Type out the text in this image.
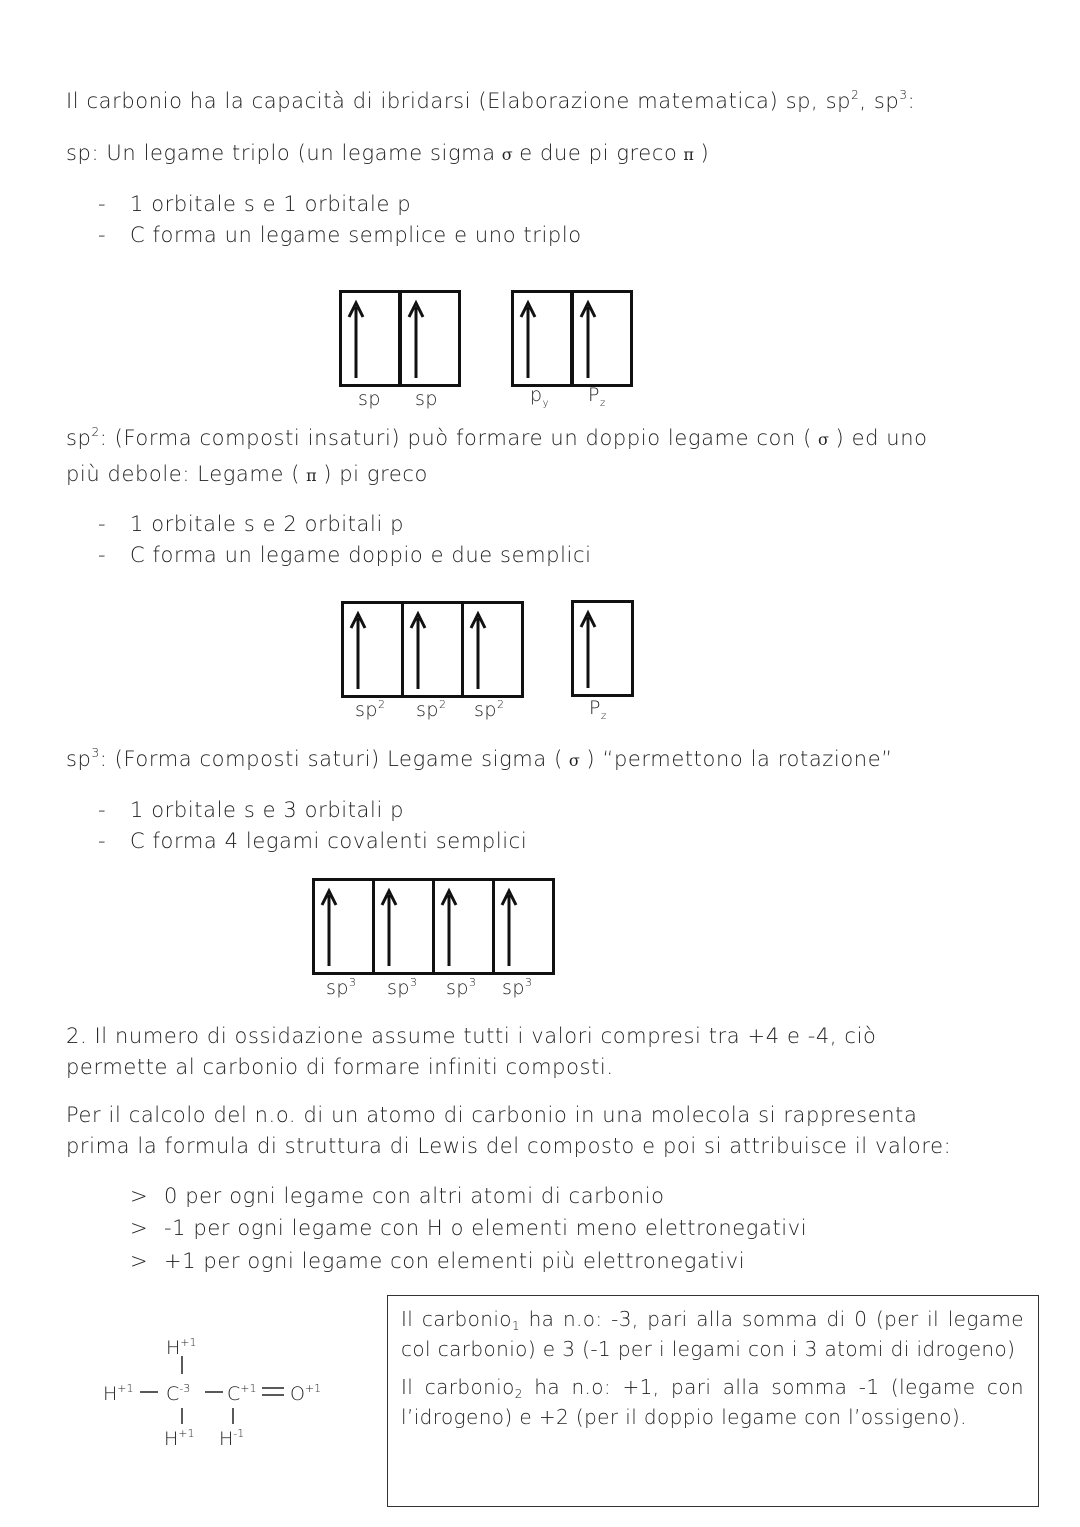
Il carbonio ha la capacità di ibridarsi (Elaborazione matematica) sp, $sp^2$, $sp^3$:
sp: Un legame triplo (un legame sigma σ e due pi greco π )
- 1 orbitale s e 1 orbitale p
- C forma un legame semplice e uno triplo
sp sp	$p_y$ $P_z$
$sp^2$: (Forma composti insaturi) può formare un doppio legame con ( σ ) ed uno
più debole: Legame ( π ) pi greco
- 1 orbitale s e 2 orbitali p
- C forma un legame doppio e due semplici
$sp^2$ $sp^2$ $sp^2$	$P_z$
$sp^3$: (Forma composti saturi) Legame sigma ( σ ) “permettono la rotazione”
- 1 orbitale s e 3 orbitali p
- C forma 4 legami covalenti semplici
$sp^3$ $sp^3$ $sp^3$ $sp^3$
2. Il numero di ossidazione assume tutti i valori compresi tra +4 e -4, ciò
permette al carbonio di formare infiniti composti.
Per il calcolo del n.o. di un atomo di carbonio in una molecola si rappresenta
prima la formula di struttura di Lewis del composto e poi si attribuisce il valore:
> 0 per ogni legame con altri atomi di carbonio
> -1 per ogni legame con H o elementi meno elettronegativi
> +1 per ogni legame con elementi più elettronegativi
$H^{+1}$
$H^{+1}$ $C^{-3}$ $C^{+1}$ $O^{+1}$
$H^{+1}$ $H^{-1}$

Il carbonio$_1$ ha n.o: -3, pari alla somma di 0 (per il legame col carbonio) e 3 (-1 per i legami con i 3 atomi di idrogeno)

Il carbonio$_2$ ha n.o: +1, pari alla somma -1 (legame con l’idrogeno) e +2 (per il doppio legame con l’ossigeno).
